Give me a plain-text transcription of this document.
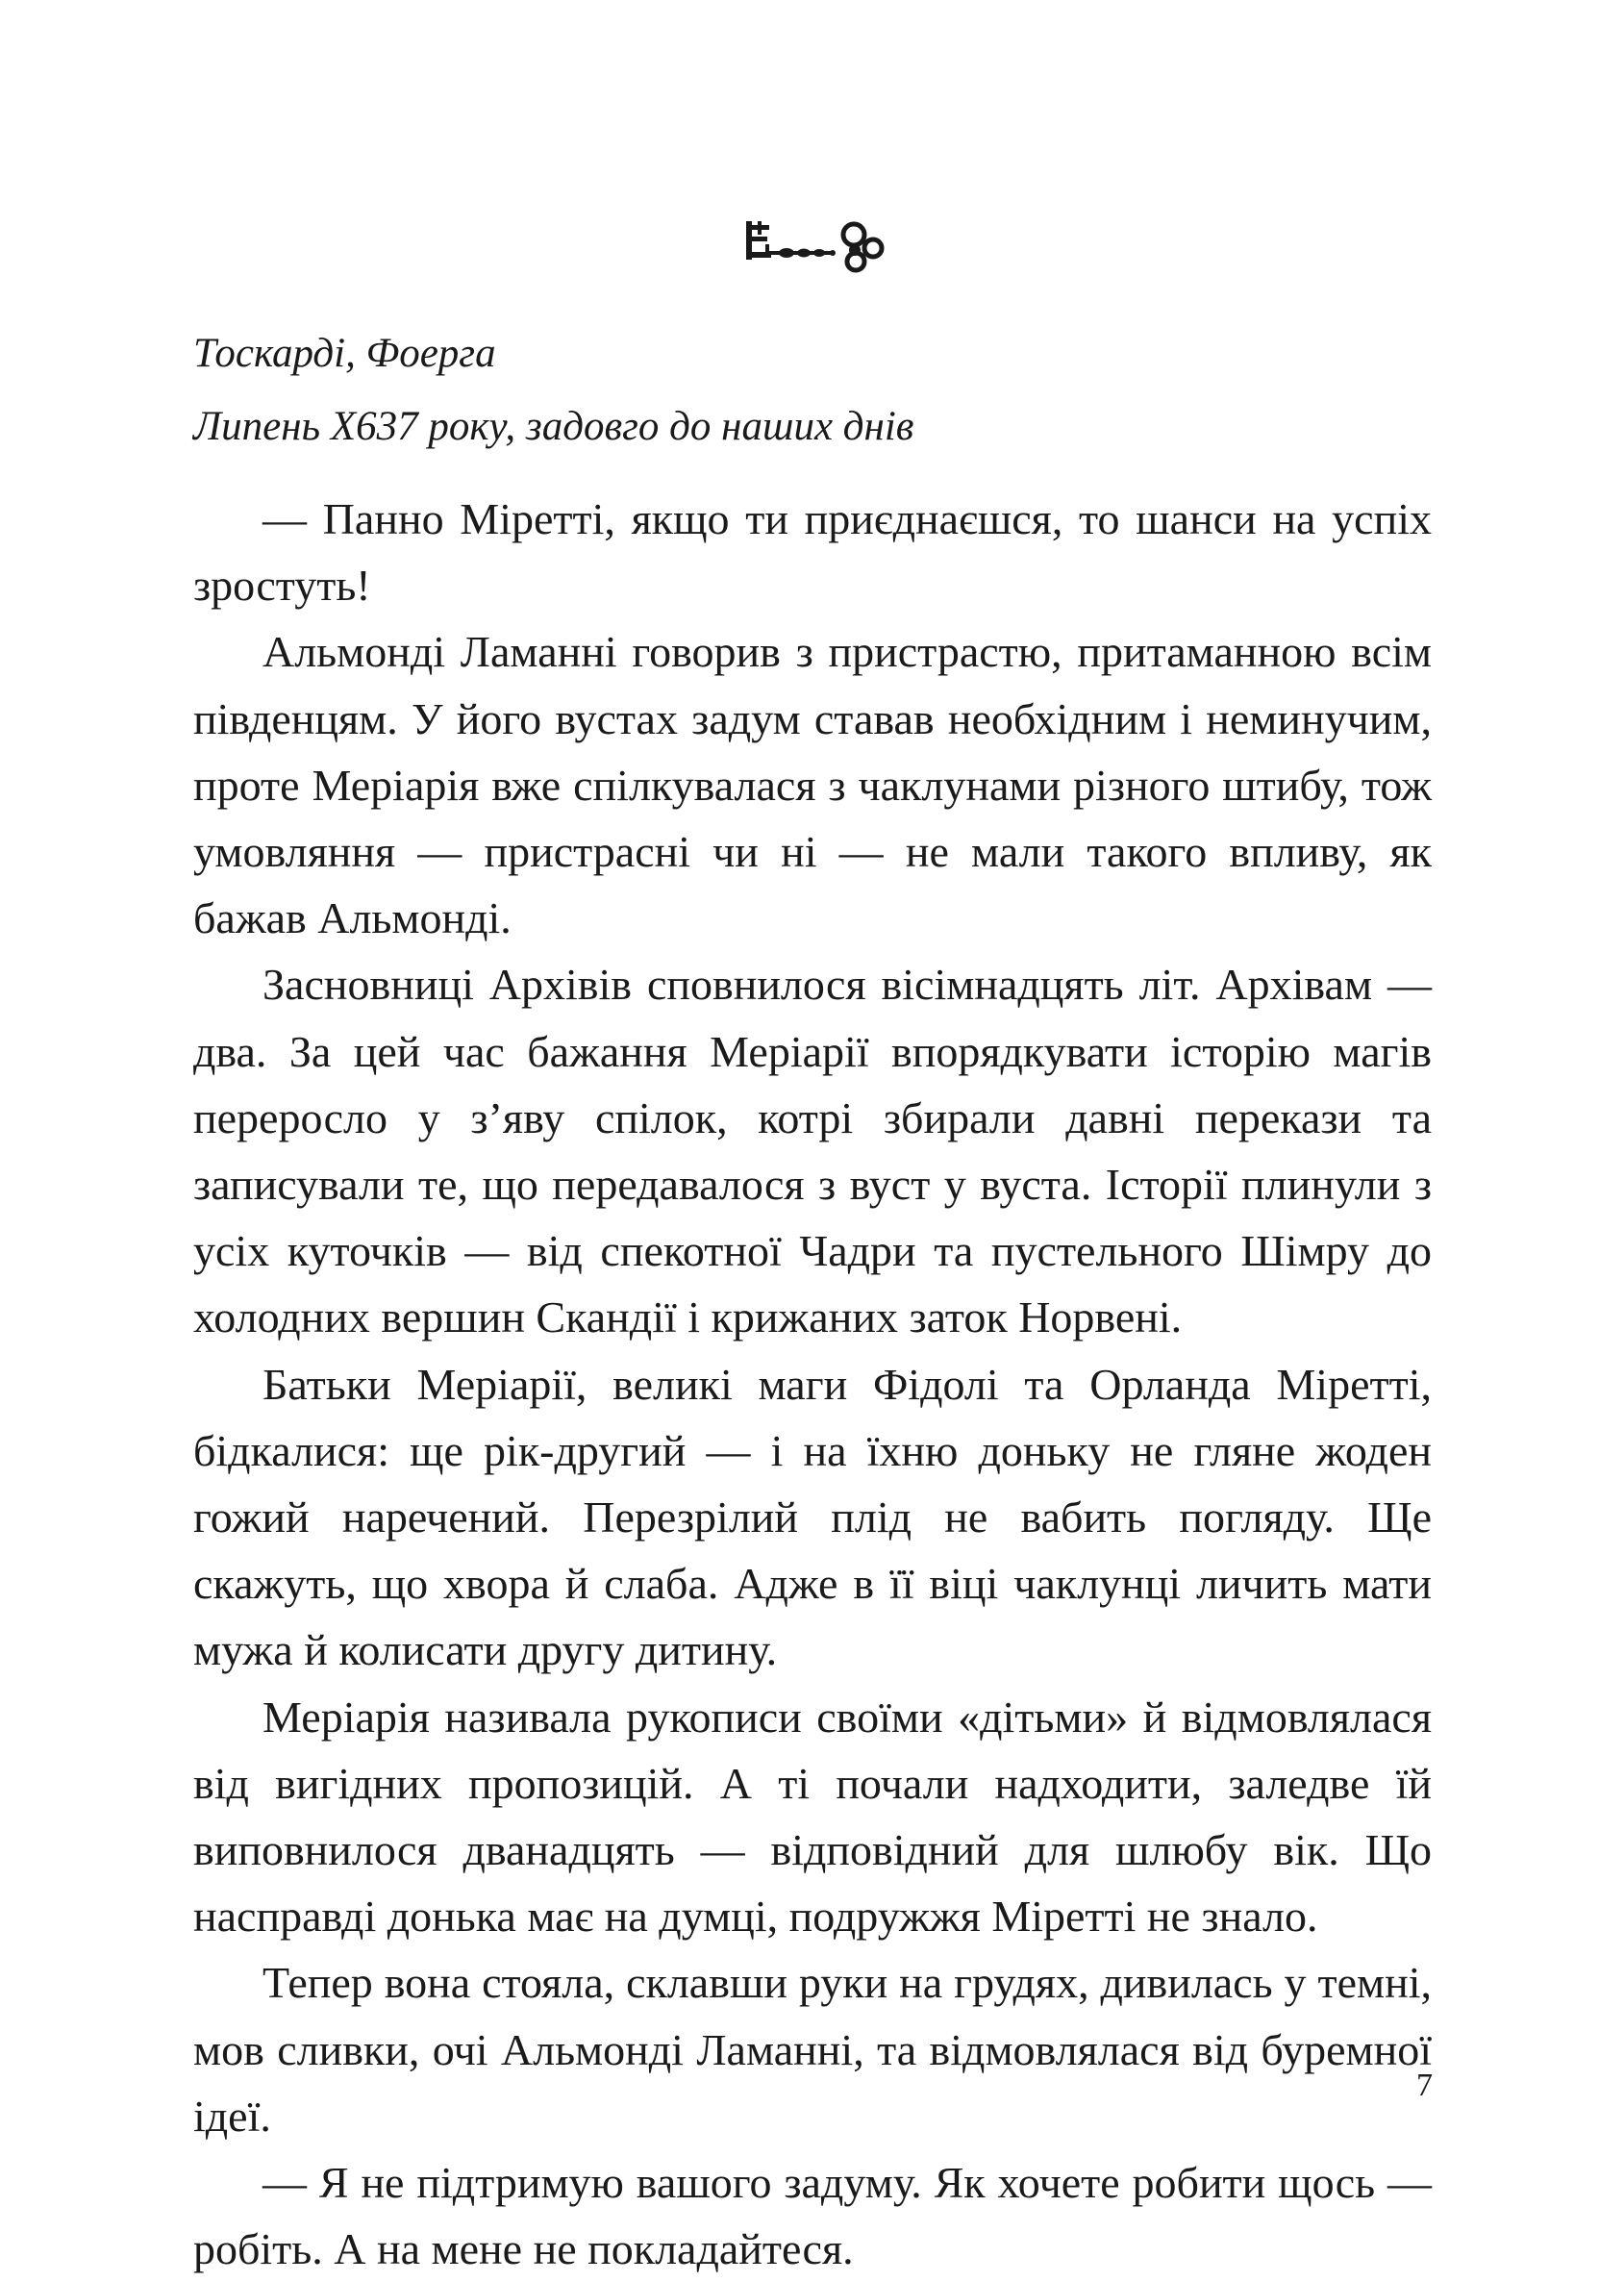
Тоскарді, Фоерга
Липень Х637 року, задовго до наших днів

— Панно Міретті, якщо ти приєднаєшся, то шанси на успіх зростуть!

Альмонді Ламанні говорив з пристрастю, притаманною всім південцям. У його вустах задум ставав необхідним і неминучим, проте Меріарія вже спілкувалася з чаклунами різного штибу, тож умовляння — пристрасні чи ні — не мали такого впливу, як бажав Альмонді.

Засновниці Архівів сповнилося вісімнадцять літ. Архівам — два. За цей час бажання Меріарії впорядкувати історію магів переросло у з’яву спілок, котрі збирали давні перекази та записували те, що передавалося з вуст у вуста. Історії плинули з усіх куточків — від спекотної Чадри та пустельного Шімру до холодних вершин Скандії і крижаних заток Норвені.

Батьки Меріарії, великі маги Фідолі та Орланда Міретті, бідкалися: ще рік-другий — і на їхню доньку не гляне жоден гожий наречений. Перезрілий плід не вабить погляду. Ще скажуть, що хвора й слаба. Адже в її віці чаклунці личить мати мужа й колисати другу дитину.

Меріарія називала рукописи своїми «дітьми» й відмовлялася від вигідних пропозицій. А ті почали надходити, заледве їй виповнилося дванадцять — відповідний для шлюбу вік. Що насправді донька має на думці, подружжя Міретті не знало.

Тепер вона стояла, склавши руки на грудях, дивилась у темні, мов сливки, очі Альмонді Ламанні, та відмовлялася від буремної ідеї.

— Я не підтримую вашого задуму. Як хочете робити щось — робіть. А на мене не покладайтеся.

7
